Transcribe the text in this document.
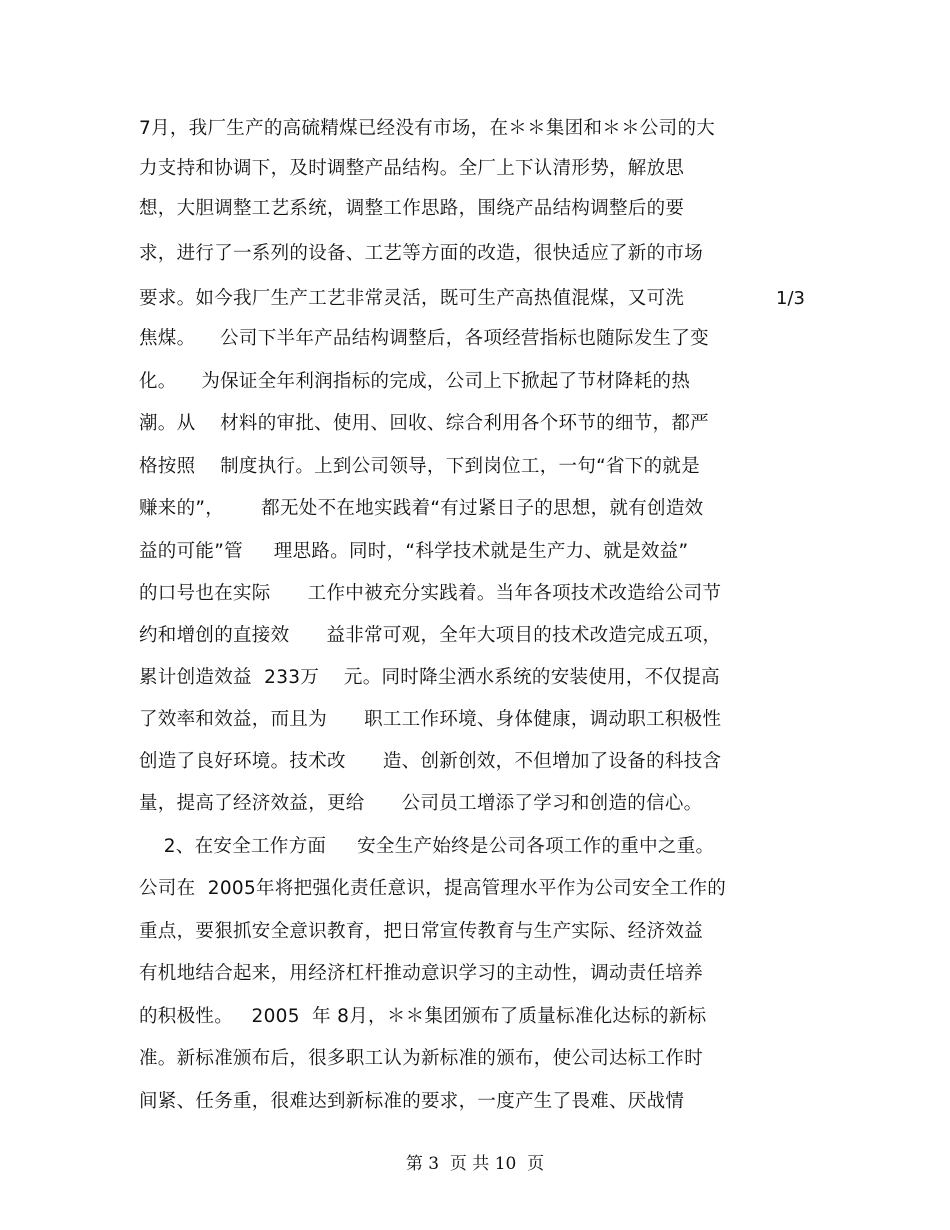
7月，我厂生产的高硫精煤已经没有市场，在＊＊集团和＊＊公司的大
力支持和协调下，及时调整产品结构。全厂上下认清形势，解放思
想，大胆调整工艺系统，调整工作思路，围绕产品结构调整后的要
求，进行了一系列的设备、工艺等方面的改造，很快适应了新的市场
要求。如今我厂生产工艺非常灵活，既可生产高热值混煤，又可洗
焦煤。    公司下半年产品结构调整后，各项经营指标也随际发生了变
化。    为保证全年利润指标的完成，公司上下掀起了节材降耗的热
潮。从    材料的审批、使用、回收、综合利用各个环节的细节，都严
格按照    制度执行。上到公司领导，下到岗位工，一句“省下的就是
赚来的”，      都无处不在地实践着“有过紧日子的思想，就有创造效
益的可能”管     理思路。同时，“科学技术就是生产力、就是效益”
的口号也在实际      工作中被充分实践着。当年各项技术改造给公司节
约和增创的直接效      益非常可观，全年大项目的技术改造完成五项，
累计创造效益  233万    元。同时降尘洒水系统的安装使用，不仅提高
了效率和效益，而且为      职工工作环境、身体健康，调动职工积极性
创造了良好环境。技术改      造、创新创效，不但增加了设备的科技含
量，提高了经济效益，更给      公司员工增添了学习和创造的信心。
2、在安全工作方面     安全生产始终是公司各项工作的重中之重。
公司在  2005年将把强化责任意识，提高管理水平作为公司安全工作的
重点，要狠抓安全意识教育，把日常宣传教育与生产实际、经济效益
有机地结合起来，用经济杠杆推动意识学习的主动性，调动责任培养
的积极性。   2005  年 8月，＊＊集团颁布了质量标准化达标的新标
准。新标准颁布后，很多职工认为新标准的颁布，使公司达标工作时
间紧、任务重，很难达到新标准的要求，一度产生了畏难、厌战情
1/3
第 3  页 共 10  页
